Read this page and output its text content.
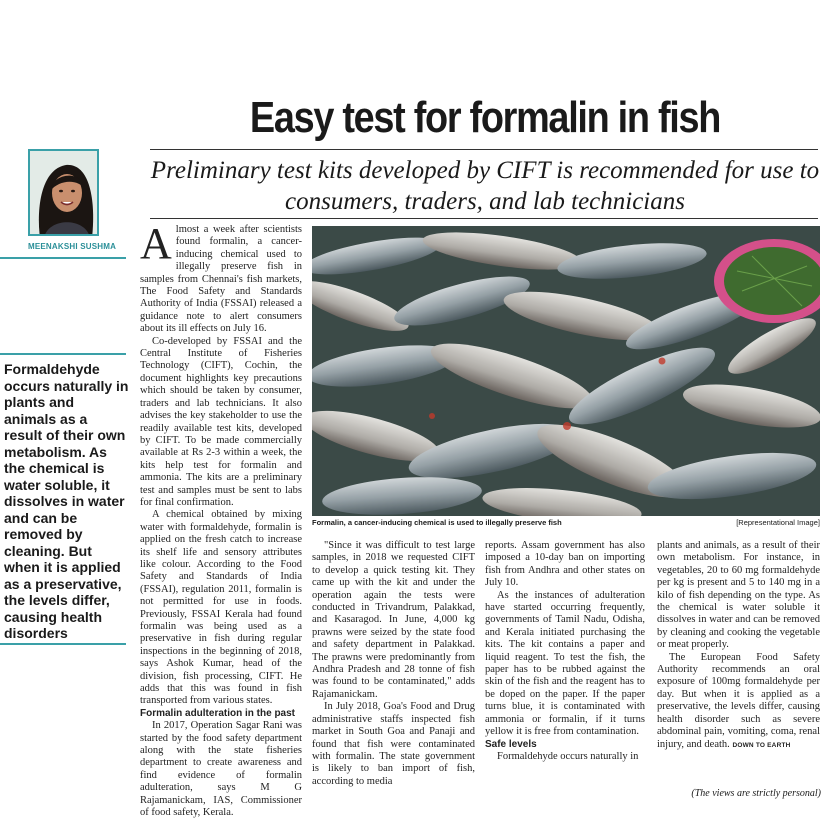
Easy test for formalin in fish
Preliminary test kits developed by CIFT is recommended for use to consumers, traders, and lab technicians
MEENAKSHI SUSHMA
Formaldehyde occurs naturally in plants and animals as a result of their own metabolism. As the chemical is water soluble, it dissolves in water and can be removed by cleaning. But when it is applied as a preservative, the levels differ, causing health disorders

Almost a week after scientists found formalin, a cancer-inducing chemical used to illegally preserve fish in samples from Chennai's fish markets, The Food Safety and Standards Authority of India (FSSAI) released a guidance note to alert consumers about its ill effects on July 16.

Co-developed by FSSAI and the Central Institute of Fisheries Technology (CIFT), Cochin, the document highlights key precautions which should be taken by consumer, traders and lab technicians. It also advises the key stakeholder to use the readily available test kits, developed by CIFT. To be made commercially available at Rs 2-3 within a week, the kits help test for formalin and ammonia. The kits are a preliminary test and samples must be sent to labs for final confirmation.

A chemical obtained by mixing water with formaldehyde, formalin is applied on the fresh catch to increase its shelf life and sensory attributes like colour. According to the Food Safety and Standards of India (FSSAI), regulation 2011, formalin is not permitted for use in foods. Previously, FSSAI Kerala had found formalin was being used as a preservative in fish during regular inspections in the beginning of 2018, says Ashok Kumar, head of the division, fish processing, CIFT. He adds that this was found in fish transported from various states.

Formalin adulteration in the past

In 2017, Operation Sagar Rani was started by the food safety department along with the state fisheries department to create awareness and find evidence of formalin adulteration, says M G Rajamanickam, IAS, Commissioner of food safety, Kerala.

Formalin, a cancer-inducing chemical is used to illegally preserve fish	[Representational Image]

"Since it was difficult to test large samples, in 2018 we requested CIFT to develop a quick testing kit. They came up with the kit and under the operation again the tests were conducted in Trivandrum, Palakkad, and Kasaragod. In June, 4,000 kg prawns were seized by the state food and safety department in Palakkad. The prawns were predominantly from Andhra Pradesh and 28 tonne of fish was found to be contaminated," adds Rajamanickam.

In July 2018, Goa's Food and Drug administrative staffs inspected fish market in South Goa and Panaji and found that fish were contaminated with formalin. The state government is likely to ban import of fish, according to media

reports. Assam government has also imposed a 10-day ban on importing fish from Andhra and other states on July 10.

As the instances of adulteration have started occurring frequently, governments of Tamil Nadu, Odisha, and Kerala initiated purchasing the kits. The kit contains a paper and liquid reagent. To test the fish, the paper has to be rubbed against the skin of the fish and the reagent has to be doped on the paper. If the paper turns blue, it is contaminated with ammonia or formalin, if it turns yellow it is free from contamination.

Safe levels

Formaldehyde occurs naturally in

plants and animals, as a result of their own metabolism. For instance, in vegetables, 20 to 60 mg formaldehyde per kg is present and 5 to 140 mg in a kilo of fish depending on the type. As the chemical is water soluble it dissolves in water and can be removed by cleaning and cooking the vegetable or meat properly.

The European Food Safety Authority recommends an oral exposure of 100mg formaldehyde per day. But when it is applied as a preservative, the levels differ, causing health disorder such as severe abdominal pain, vomiting, coma, renal injury, and death. DOWN TO EARTH

(The views are strictly personal)
